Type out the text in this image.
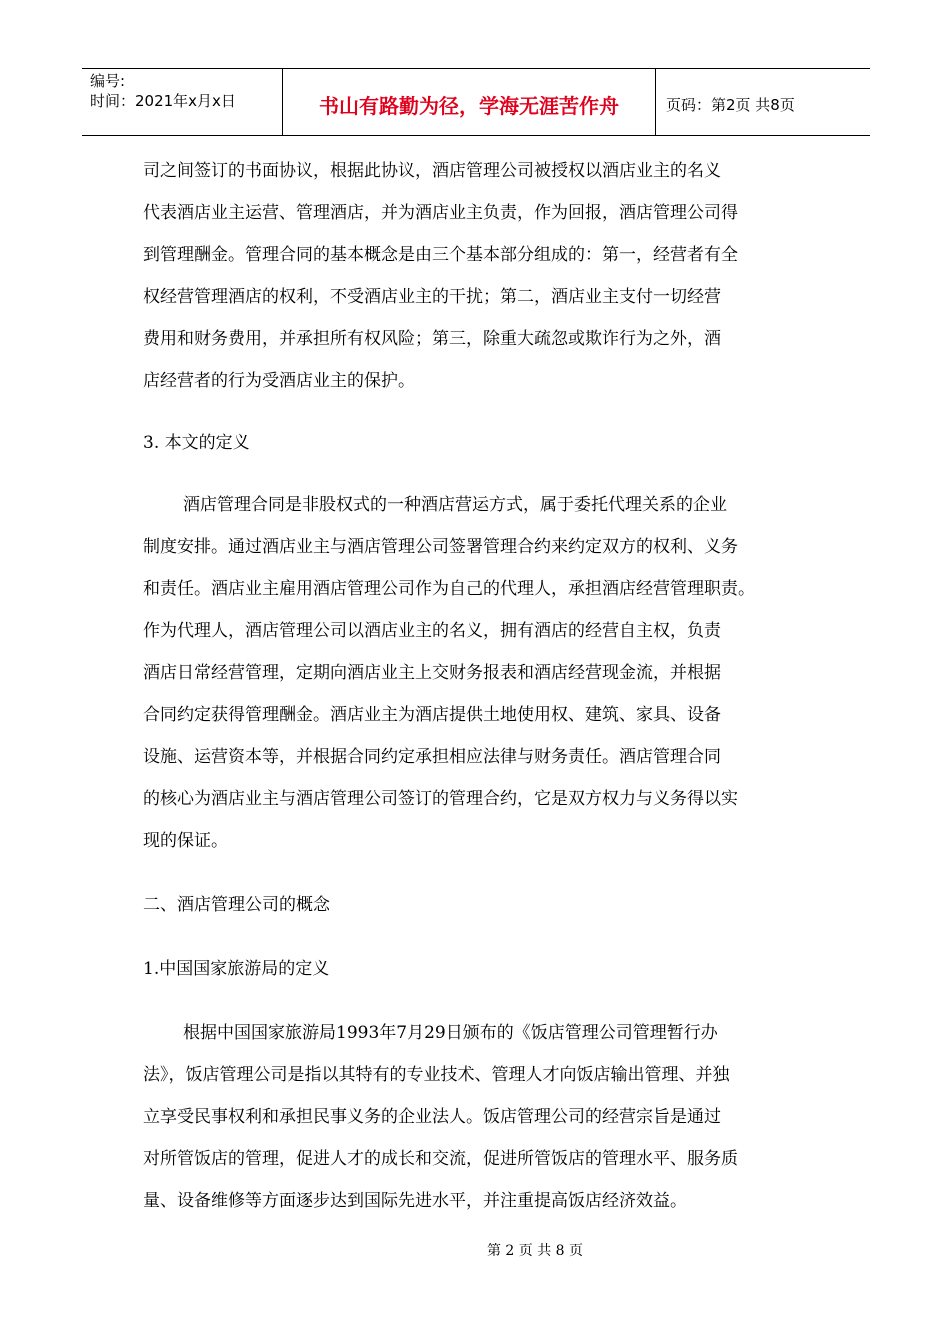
编号:
时间：2021年x月x日	书山有路勤为径，学海无涯苦作舟	页码：第2页 共8页
司之间签订的书面协议，根据此协议，酒店管理公司被授权以酒店业主的名义
代表酒店业主运营、管理酒店，并为酒店业主负责，作为回报，酒店管理公司得
到管理酬金。管理合同的基本概念是由三个基本部分组成的：第一，经营者有全
权经营管理酒店的权利，不受酒店业主的干扰；第二，酒店业主支付一切经营
费用和财务费用，并承担所有权风险；第三，除重大疏忽或欺诈行为之外，酒
店经营者的行为受酒店业主的保护。
3. 本文的定义
酒店管理合同是非股权式的一种酒店营运方式，属于委托代理关系的企业
制度安排。通过酒店业主与酒店管理公司签署管理合约来约定双方的权利、义务
和责任。酒店业主雇用酒店管理公司作为自己的代理人，承担酒店经营管理职责。
作为代理人，酒店管理公司以酒店业主的名义，拥有酒店的经营自主权，负责
酒店日常经营管理，定期向酒店业主上交财务报表和酒店经营现金流，并根据
合同约定获得管理酬金。酒店业主为酒店提供土地使用权、建筑、家具、设备
设施、运营资本等，并根据合同约定承担相应法律与财务责任。酒店管理合同
的核心为酒店业主与酒店管理公司签订的管理合约，它是双方权力与义务得以实
现的保证。
二、酒店管理公司的概念
1.中国国家旅游局的定义
根据中国国家旅游局1993年7月29日颁布的《饭店管理公司管理暂行办
法》，饭店管理公司是指以其特有的专业技术、管理人才向饭店输出管理、并独
立享受民事权利和承担民事义务的企业法人。饭店管理公司的经营宗旨是通过
对所管饭店的管理，促进人才的成长和交流，促进所管饭店的管理水平、服务质
量、设备维修等方面逐步达到国际先进水平，并注重提高饭店经济效益。
第 2 页 共 8 页
